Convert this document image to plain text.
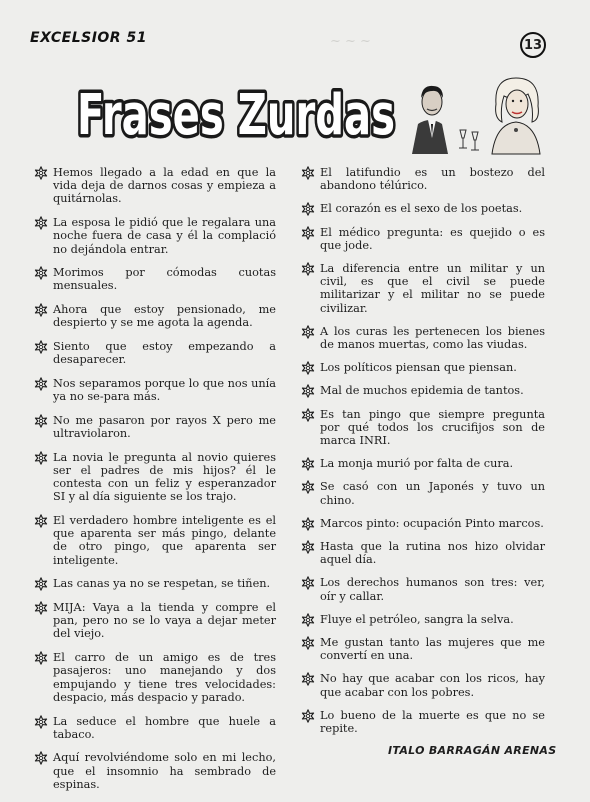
~ ~ ~
EXCELSIOR 51	13
Frases Zurdas

Hemos llegado a la edad en que la vida deja de darnos cosas y empieza a quitárnolas.

La esposa le pidió que le regalara una noche fuera de casa y él la complació no dejándola entrar.

Morimos por cómodas cuotas mensuales.

Ahora que estoy pensionado, me despierto y se me agota la agenda.

Siento que estoy empezando a desaparecer.

Nos separamos porque lo que nos unía ya no se-para más.

No me pasaron por rayos X pero me ultraviolaron.

La novia le pregunta al novio quieres ser el padres de mis hijos? él le contesta con un feliz y esperanzador SI y al día siguiente se los trajo.

El verdadero hombre inteligente es el que aparenta ser más pingo, delante de otro pingo, que aparenta ser inteligente.

Las canas ya no se respetan, se tiñen.

MIJA: Vaya a la tienda y compre el pan, pero no se lo vaya a dejar meter del viejo.

El carro de un amigo es de tres pasajeros: uno manejando y dos empujando y tiene tres velocidades: despacio, más despacio y parado.

La seduce el hombre que huele a tabaco.

Aquí revolviéndome solo en mi lecho, que el insomnio ha sembrado de espinas.

El latifundio es un bostezo del abandono télúrico.

El corazón es el sexo de los poetas.

El médico pregunta: es quejido o es que jode.

La diferencia entre un militar y un civil, es que el civil se puede militarizar y el militar no se puede civilizar.

A los curas les pertenecen los bienes de manos muertas, como las viudas.

Los políticos piensan que piensan.

Mal de muchos epidemia de tantos.

Es tan pingo que siempre pregunta por qué todos los crucifijos son de marca INRI.

La monja murió por falta de cura.

Se casó con un Japonés y tuvo un chino.

Marcos pinto: ocupación Pinto marcos.

Hasta que la rutina nos hizo olvidar aquel día.

Los derechos humanos son tres: ver, oír y callar.

Fluye el petróleo, sangra la selva.

Me gustan tanto las mujeres que me convertí en una.

No hay que acabar con los ricos, hay que acabar con los pobres.

Lo bueno de la muerte es que no se repite.

ITALO BARRAGÁN ARENAS
